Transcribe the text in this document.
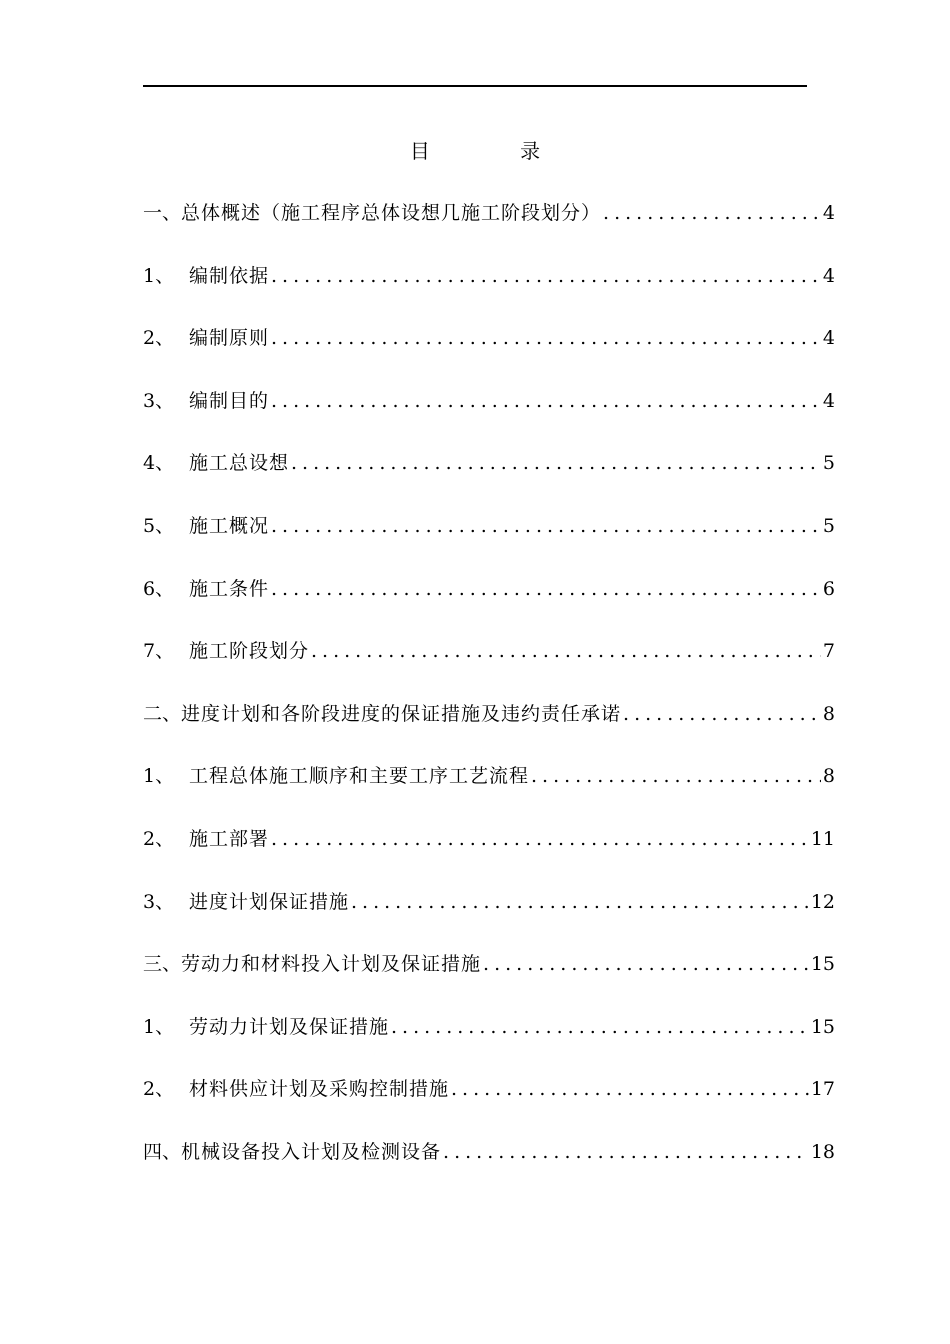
目 录
一、 总体概述（施工程序总体设想几施工阶段划分） .....	4
1、 编制依据 .....	4
2、 编制原则 .....	4
3、 编制目的 .....	4
4、 施工总设想 .....	5
5、 施工概况 .....	5
6、 施工条件 .....	6
7、 施工阶段划分 .....	7
二、 进度计划和各阶段进度的保证措施及违约责任承诺 .....	8
1、 工程总体施工顺序和主要工序工艺流程 .....	8
2、 施工部署 .....	11
3、 进度计划保证措施 .....	12
三、 劳动力和材料投入计划及保证措施 .....	15
1、 劳动力计划及保证措施 .....	15
2、 材料供应计划及采购控制措施 .....	17
四、 机械设备投入计划及检测设备 .....	18
